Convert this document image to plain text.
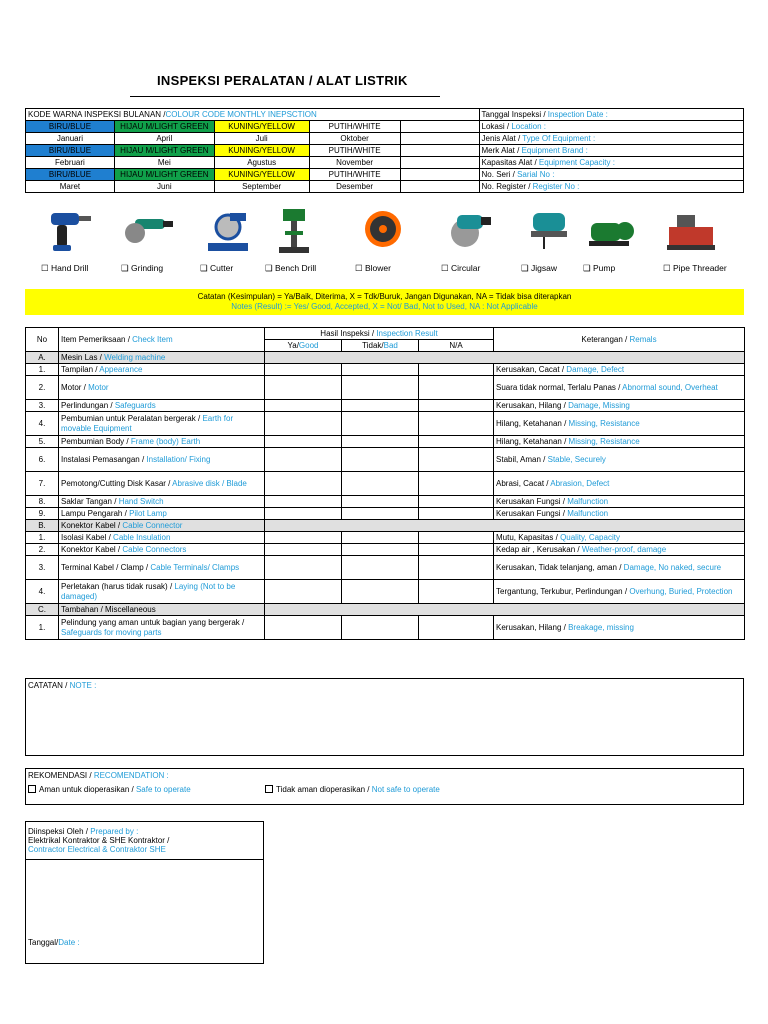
INSPEKSI PERALATAN / ALAT LISTRIK
KODE WARNA INSPEKSI BULANAN /COLOUR CODE MONTHLY INEPSCTION					Tanggal Inspeksi / Inspection Date :
BIRU/BLUE	HIJAU M/LIGHT GREEN	KUNING/YELLOW	PUTIH/WHITE		Lokasi / Location :
Januari	April	Juli	Oktober		Jenis Alat / Type Of Equipment :
BIRU/BLUE	HIJAU M/LIGHT GREEN	KUNING/YELLOW	PUTIH/WHITE		Merk Alat / Equipment Brand :
Februari	Mei	Agustus	November		Kapasitas Alat / Equipment Capacity :
BIRU/BLUE	HIJAU M/LIGHT GREEN	KUNING/YELLOW	PUTIH/WHITE		No. Seri / Sarial No :
Maret	Juni	September	Desember		No. Register / Register No :
☐ Hand Drill	❑ Grinding	❑ Cutter	❑ Bench Drill	☐ Blower	☐ Circular	❑ Jigsaw	❑ Pump	☐ Pipe Threader
Catatan (Kesimpulan) = Ya/Baik, Diterima, X = Tdk/Buruk, Jangan Digunakan, NA = Tidak bisa diterapkan
Notes (Result) := Yes/ Good, Accepted, X = Not/ Bad, Not to Used, NA : Not Applicable
No	Item Pemeriksaan / Check Item	Hasil Inspeksi / Inspection Result			Keterangan / Remals
		Ya/Good	Tidak/Bad	N/A	
A.	Mesin Las / Welding machine				
1.	Tampilan / Appearance				Kerusakan, Cacat / Damage, Defect
2.	Motor / Motor				Suara tidak normal, Terlalu Panas / Abnormal sound, Overheat
3.	Perlindungan / Safeguards				Kerusakan, Hilang / Damage, Missing
4.	Pembumian untuk Peralatan bergerak / Earth for movable Equipment				Hilang, Ketahanan / Missing, Resistance
5.	Pembumian Body / Frame (body) Earth				Hilang, Ketahanan / Missing, Resistance
6.	Instalasi Pemasangan / Installation/ Fixing				Stabil, Aman / Stable, Securely
7.	Pemotong/Cutting Disk Kasar / Abrasive disk / Blade				Abrasi, Cacat / Abrasion, Defect
8.	Saklar Tangan / Hand Switch				Kerusakan Fungsi / Malfunction
9.	Lampu Pengarah / Pilot Lamp				Kerusakan Fungsi / Malfunction
B.	Konektor Kabel / Cable Connector				
1.	Isolasi Kabel / Cable Insulation				Mutu, Kapasitas / Quality, Capacity
2.	Konektor Kabel / Cable Connectors				Kedap air , Kerusakan / Weather-proof, damage
3.	Terminal Kabel / Clamp / Cable Terminals/ Clamps				Kerusakan, Tidak telanjang, aman / Damage, No naked, secure
4.	Perletakan (harus tidak rusak) / Laying (Not to be damaged)				Tergantung, Terkubur, Perlindungan / Overhung, Buried, Protection
C.	Tambahan / Miscellaneous				
1.	Pelindung yang aman untuk bagian yang bergerak / Safeguards for moving parts				Kerusakan, Hilang / Breakage, missing
CATATAN / NOTE :
REKOMENDASI / RECOMENDATION :
Aman untuk dioperasikan / Safe to operate	Tidak aman dioperasikan / Not safe to operate
Diinspeksi Oleh / Prepared by :
Elektrikal Kontraktor & SHE Kontraktor /
Contractor Electrical & Contraktor SHE
Tanggal/Date :
